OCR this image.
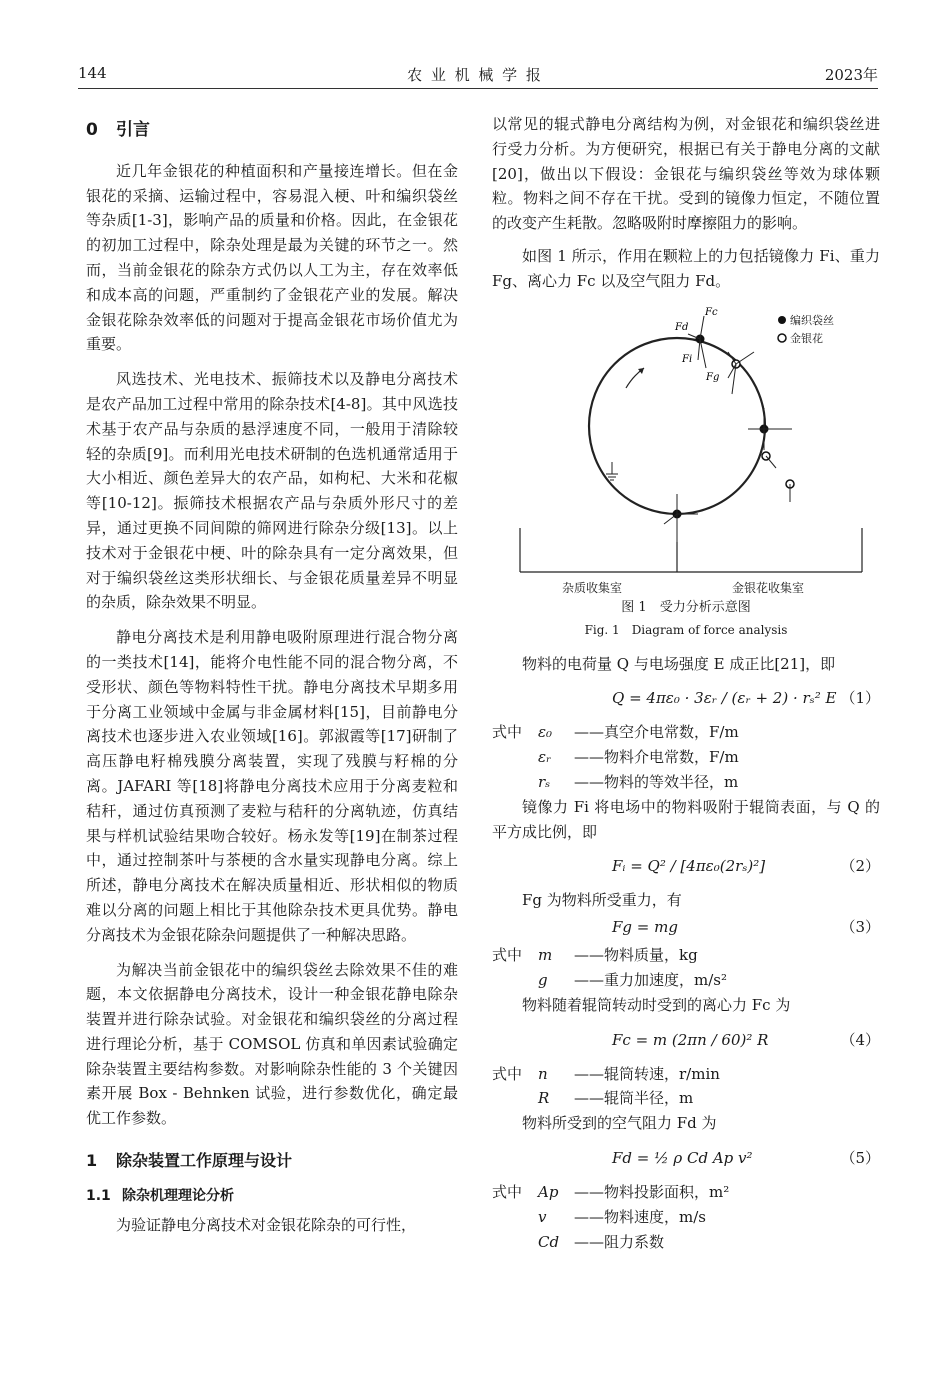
144	农 业 机 械 学 报	2023年
0 引言

近几年金银花的种植面积和产量接连增长。但在金银花的采摘、运输过程中，容易混入梗、叶和编织袋丝等杂质[1-3]，影响产品的质量和价格。因此，在金银花的初加工过程中，除杂处理是最为关键的环节之一。然而，当前金银花的除杂方式仍以人工为主，存在效率低和成本高的问题，严重制约了金银花产业的发展。解决金银花除杂效率低的问题对于提高金银花市场价值尤为重要。

风选技术、光电技术、振筛技术以及静电分离技术是农产品加工过程中常用的除杂技术[4-8]。其中风选技术基于农产品与杂质的悬浮速度不同，一般用于清除较轻的杂质[9]。而利用光电技术研制的色选机通常适用于大小相近、颜色差异大的农产品，如枸杞、大米和花椒等[10-12]。振筛技术根据农产品与杂质外形尺寸的差异，通过更换不同间隙的筛网进行除杂分级[13]。以上技术对于金银花中梗、叶的除杂具有一定分离效果，但对于编织袋丝这类形状细长、与金银花质量差异不明显的杂质，除杂效果不明显。

静电分离技术是利用静电吸附原理进行混合物分离的一类技术[14]，能将介电性能不同的混合物分离，不受形状、颜色等物料特性干扰。静电分离技术早期多用于分离工业领域中金属与非金属材料[15]，目前静电分离技术也逐步进入农业领域[16]。郭淑霞等[17]研制了高压静电籽棉残膜分离装置，实现了残膜与籽棉的分离。JAFARI 等[18]将静电分离技术应用于分离麦粒和秸秆，通过仿真预测了麦粒与秸秆的分离轨迹，仿真结果与样机试验结果吻合较好。杨永发等[19]在制茶过程中，通过控制茶叶与茶梗的含水量实现静电分离。综上所述，静电分离技术在解决质量相近、形状相似的物质难以分离的问题上相比于其他除杂技术更具优势。静电分离技术为金银花除杂问题提供了一种解决思路。

为解决当前金银花中的编织袋丝去除效果不佳的难题，本文依据静电分离技术，设计一种金银花静电除杂装置并进行除杂试验。对金银花和编织袋丝的分离过程进行理论分析，基于 COMSOL 仿真和单因素试验确定除杂装置主要结构参数。对影响除杂性能的 3 个关键因素开展 Box - Behnken 试验，进行参数优化，确定最优工作参数。

1 除杂装置工作原理与设计
1.1 除杂机理理论分析

为验证静电分离技术对金银花除杂的可行性，

以常见的辊式静电分离结构为例，对金银花和编织袋丝进行受力分析。为方便研究，根据已有关于静电分离的文献[20]，做出以下假设：金银花与编织袋丝等效为球体颗粒。物料之间不存在干扰。受到的镜像力恒定，不随位置的改变产生耗散。忽略吸附时摩擦阻力的影响。

如图 1 所示，作用在颗粒上的力包括镜像力 Fi、重力 Fg、离心力 Fc 以及空气阻力 Fd。

Fc
Fd
Fi
Fg
编织袋丝
金银花
杂质收集室	金银花收集室
图 1　受力分析示意图
Fig. 1　Diagram of force analysis

物料的电荷量 Q 与电场强度 E 成正比[21]，即

Q = 4πε₀ · 3εᵣ / (εᵣ + 2) · rₛ² E （1）
式中 ε₀ ——真空介电常数，F/m
εᵣ ——物料介电常数，F/m
rₛ ——物料的等效半径，m

镜像力 Fi 将电场中的物料吸附于辊筒表面，与 Q 的平方成比例，即

Fᵢ = Q² / [4πε₀(2rₛ)²]	（2）

Fg 为物料所受重力，有

Fg = mg	（3）
式中 m ——物料质量，kg
g ——重力加速度，m/s²

物料随着辊筒转动时受到的离心力 Fc 为

Fc = m (2πn / 60)² R	（4）
式中 n ——辊筒转速，r/min
R ——辊筒半径，m

物料所受到的空气阻力 Fd 为

Fd = ½ ρ Cd Ap v²	（5）
式中 Ap ——物料投影面积，m²
v ——物料速度，m/s
Cd ——阻力系数
